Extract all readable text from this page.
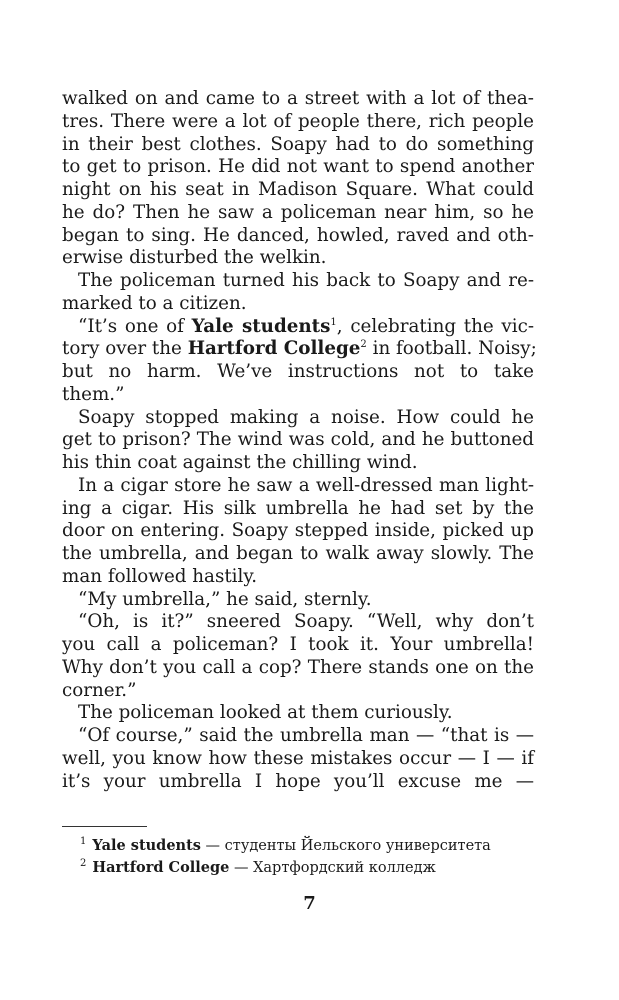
walked on and came to a street with a lot of thea-
tres. There were a lot of people there, rich people
in their best clothes. Soapy had to do something
to get to prison. He did not want to spend another
night on his seat in Madison Square. What could
he do? Then he saw a policeman near him, so he
began to sing. He danced, howled, raved and oth-
erwise disturbed the welkin.

The policeman turned his back to Soapy and re-
marked to a citizen.

“It’s one of Yale students$^1$, celebrating the vic-
tory over the Hartford College$^2$ in football. Noisy;
but no harm. We’ve instructions not to take
them.”

Soapy stopped making a noise. How could he
get to prison? The wind was cold, and he buttoned
his thin coat against the chilling wind.

In a cigar store he saw a well-dressed man light-
ing a cigar. His silk umbrella he had set by the
door on entering. Soapy stepped inside, picked up
the umbrella, and began to walk away slowly. The
man followed hastily.

“My umbrella,” he said, sternly.

“Oh, is it?” sneered Soapy. “Well, why don’t
you call a policeman? I took it. Your umbrella!
Why don’t you call a cop? There stands one on the
corner.”

The policeman looked at them curiously.

“Of course,” said the umbrella man — “that is —
well, you know how these mistakes occur — I — if
it’s your umbrella I hope you’ll excuse me —

$^1$ Yale students — студенты Йельского университета
$^2$ Hartford College — Хартфордский колледж
7
